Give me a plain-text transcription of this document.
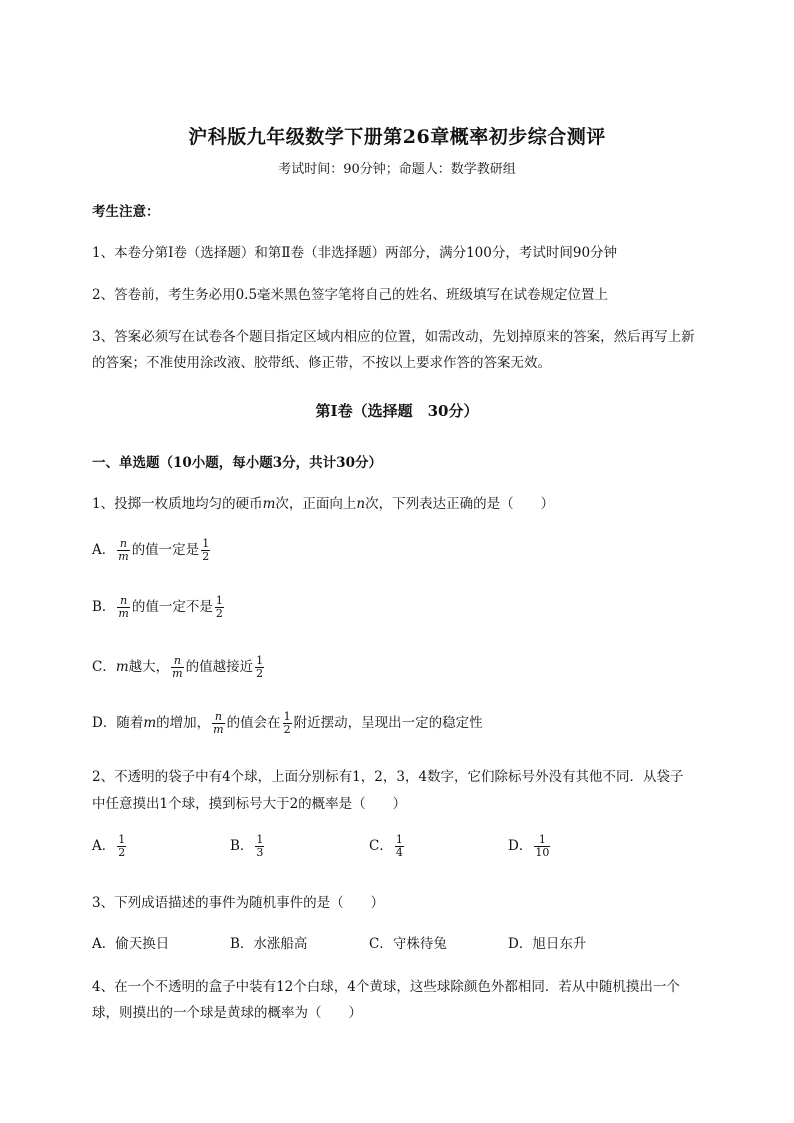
沪科版九年级数学下册第26章概率初步综合测评
考试时间：90分钟；命题人：数学教研组
考生注意：
1、本卷分第I卷（选择题）和第Ⅱ卷（非选择题）两部分，满分100分，考试时间90分钟
2、答卷前，考生务必用0.5毫米黑色签字笔将自己的姓名、班级填写在试卷规定位置上
3、答案必须写在试卷各个题目指定区域内相应的位置，如需改动，先划掉原来的答案，然后再写上新
的答案；不准使用涂改液、胶带纸、修正带，不按以上要求作答的答案无效。
第I卷（选择题　30分）
一、单选题（10小题，每小题3分，共计30分）
1、投掷一枚质地均匀的硬币m次，正面向上n次，下列表达正确的是（　　）
A． $\frac{n}{m}$ 的值一定是 $\frac{1}{2}$
B． $\frac{n}{m}$ 的值一定不是 $\frac{1}{2}$
C．m越大， $\frac{n}{m}$ 的值越接近 $\frac{1}{2}$
D．随着m的增加， $\frac{n}{m}$ 的值会在 $\frac{1}{2}$ 附近摆动，呈现出一定的稳定性
2、不透明的袋子中有4个球，上面分别标有1，2，3，4数字，它们除标号外没有其他不同．从袋子
中任意摸出1个球，摸到标号大于2的概率是（　　）
A． $\frac{1}{2}$	B． $\frac{1}{3}$	C． $\frac{1}{4}$	D． $\frac{1}{10}$
3、下列成语描述的事件为随机事件的是（　　）
A．偷天换日	B．水涨船高	C．守株待兔	D．旭日东升
4、在一个不透明的盒子中装有12个白球，4个黄球，这些球除颜色外都相同．若从中随机摸出一个
球，则摸出的一个球是黄球的概率为（　　）
